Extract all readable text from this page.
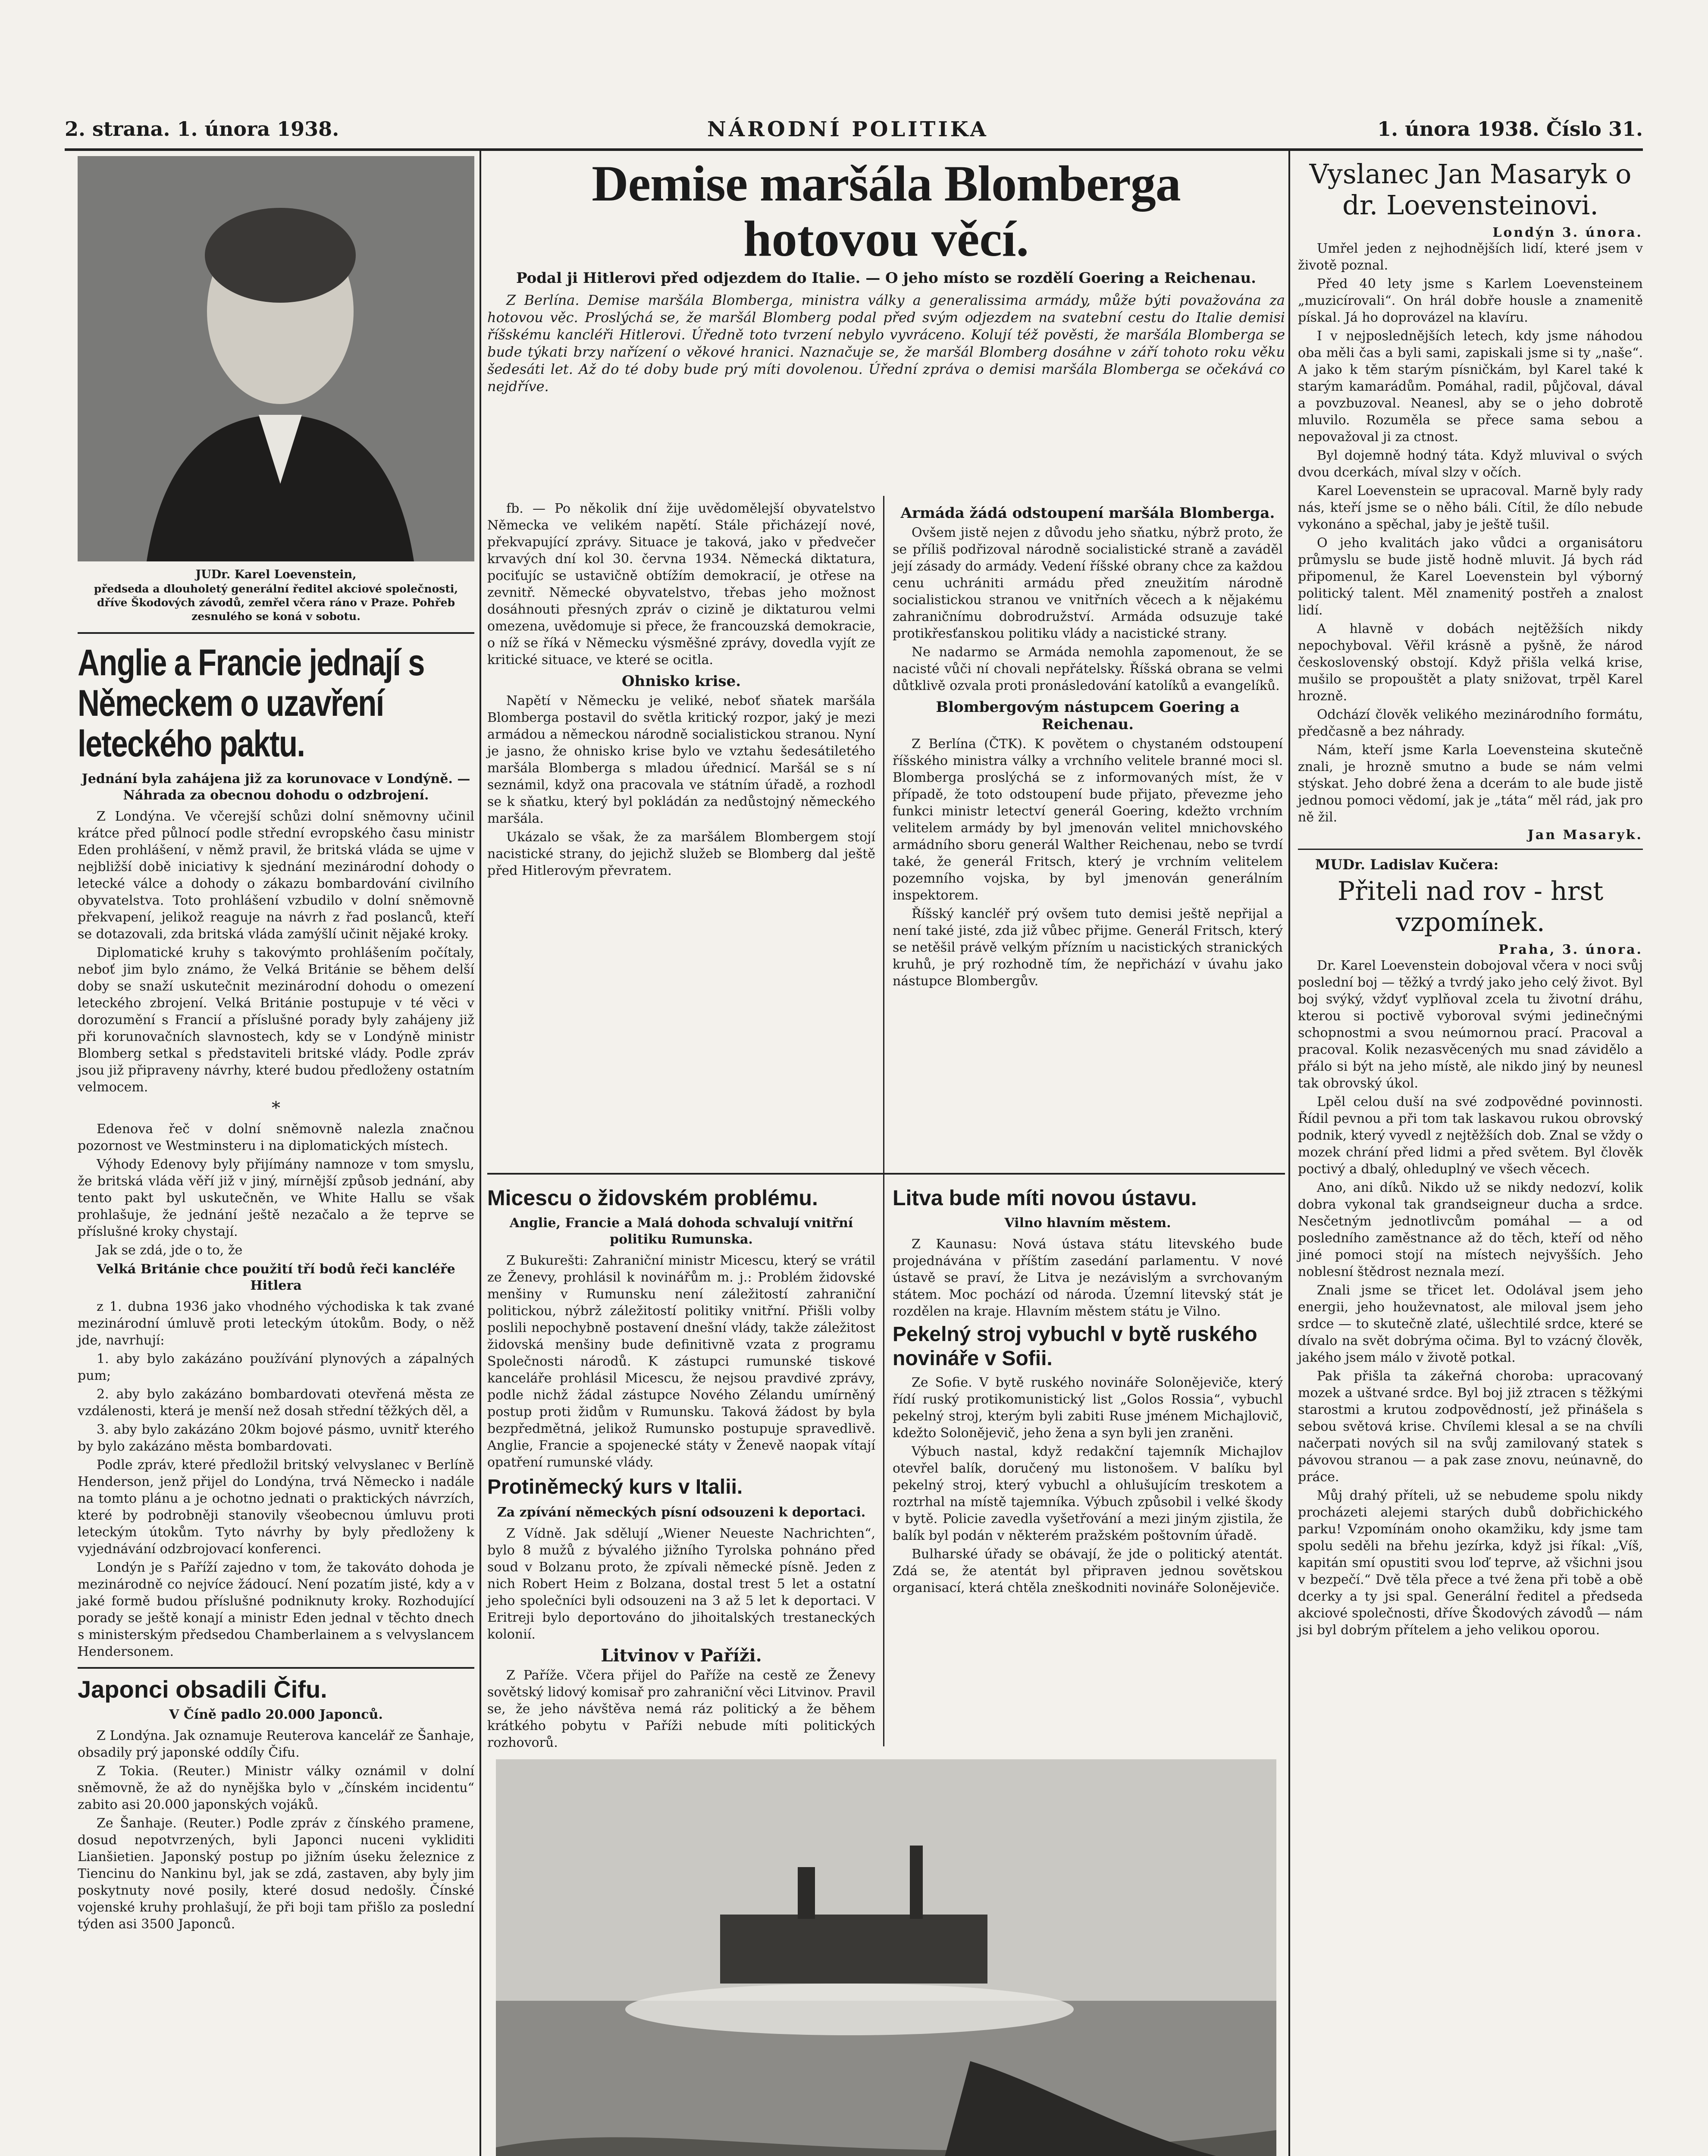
2. strana. 1. února 1938.	NÁRODNÍ POLITIKA	1. února 1938. Číslo 31.
JUDr. Karel Loevenstein,
předseda a dlouholetý generální ředitel akciové společnosti, dříve Škodových závodů, zemřel včera ráno v Praze. Pohřeb zesnulého se koná v sobotu.
Anglie a Francie jednají s Německem o uzavření leteckého paktu.
Jednání byla zahájena již za korunovace v Londýně. — Náhrada za obecnou dohodu o odzbrojení.

Z Londýna. Ve včerejší schůzi dolní sněmovny učinil krátce před půlnocí podle střední evropského času ministr Eden prohlášení, v němž pravil, že britská vláda se ujme v nejbližší době iniciativy k sjednání mezinárodní dohody o letecké válce a dohody o zákazu bombardování civilního obyvatelstva. Toto prohlášení vzbudilo v dolní sněmovně překvapení, jelikož reaguje na návrh z řad poslanců, kteří se dotazovali, zda britská vláda zamýšlí učinit nějaké kroky.

Diplomatické kruhy s takovýmto prohlášením počítaly, neboť jim bylo známo, že Velká Británie se během delší doby se snaží uskutečnit mezinárodní dohodu o omezení leteckého zbrojení. Velká Británie postupuje v té věci v dorozumění s Francií a příslušné porady byly zahájeny již při korunovačních slavnostech, kdy se v Londýně ministr Blomberg setkal s představiteli britské vlády. Podle zpráv jsou již připraveny návrhy, které budou předloženy ostatním velmocem.

*

Edenova řeč v dolní sněmovně nalezla značnou pozornost ve Westminsteru i na diplomatických místech.

Výhody Edenovy byly přijímány namnoze v tom smyslu, že britská vláda věří již v jiný, mírnější způsob jednání, aby tento pakt byl uskutečněn, ve White Hallu se však prohlašuje, že jednání ještě nezačalo a že teprve se příslušné kroky chystají.

Jak se zdá, jde o to, že

Velká Británie chce použití tří bodů řeči kancléře Hitlera

z 1. dubna 1936 jako vhodného východiska k tak zvané mezinárodní úmluvě proti leteckým útokům. Body, o něž jde, navrhují:

1. aby bylo zakázáno používání plynových a zápalných pum;

2. aby bylo zakázáno bombardovati otevřená města ze vzdálenosti, která je menší než dosah střední těžkých děl, a

3. aby bylo zakázáno 20km bojové pásmo, uvnitř kterého by bylo zakázáno města bombardovati.

Podle zpráv, které předložil britský velvyslanec v Berlíně Henderson, jenž přijel do Londýna, trvá Německo i nadále na tomto plánu a je ochotno jednati o praktických návrzích, které by podrobněji stanovily všeobecnou úmluvu proti leteckým útokům. Tyto návrhy by byly předloženy k vyjednávání odzbrojovací konferenci.

Londýn je s Paříží zajedno v tom, že takováto dohoda je mezinárodně co nejvíce žádoucí. Není pozatím jisté, kdy a v jaké formě budou příslušné podniknuty kroky. Rozhodující porady se ještě konají a ministr Eden jednal v těchto dnech s ministerským předsedou Chamberlainem a s velvyslancem Hendersonem.

Japonci obsadili Čifu.
V Číně padlo 20.000 Japonců.

Z Londýna. Jak oznamuje Reuterova kancelář ze Šanhaje, obsadily prý japonské oddíly Čifu.

Z Tokia. (Reuter.) Ministr války oznámil v dolní sněmovně, že až do nynějška bylo v „čínském incidentu“ zabito asi 20.000 japonských vojáků.

Ze Šanhaje. (Reuter.) Podle zpráv z čínského pramene, dosud nepotvrzených, byli Japonci nuceni vykliditi Lianšietien. Japonský postup po jižním úseku železnice z Tiencinu do Nankinu byl, jak se zdá, zastaven, aby byly jim poskytnuty nové posily, které dosud nedošly. Čínské vojenské kruhy prohlašují, že při boji tam přišlo za poslední týden asi 3500 Japonců.

Demise maršála Blomberga
hotovou věcí.
Podal ji Hitlerovi před odjezdem do Italie. — O jeho místo se rozdělí Goering a Reichenau.

Z Berlína. Demise maršála Blomberga, ministra války a generalissima armády, může býti považována za hotovou věc. Proslýchá se, že maršál Blomberg podal před svým odjezdem na svatební cestu do Italie demisi říšskému kancléři Hitlerovi. Úředně toto tvrzení nebylo vyvráceno. Kolují též pověsti, že maršála Blomberga se bude týkati brzy nařízení o věkové hranici. Naznačuje se, že maršál Blomberg dosáhne v září tohoto roku věku šedesáti let. Až do té doby bude prý míti dovolenou. Úřední zpráva o demisi maršála Blomberga se očekává co nejdříve.

fb. — Po několik dní žije uvědomělejší obyvatelstvo Německa ve velikém napětí. Stále přicházejí nové, překvapující zprávy. Situace je taková, jako v předvečer krvavých dní kol 30. června 1934. Německá diktatura, pociťujíc se ustavičně obtížím demokracií, je otřese na zevnitř. Německé obyvatelstvo, třebas jeho možnost dosáhnouti přesných zpráv o cizině je diktaturou velmi omezena, uvědomuje si přece, že francouzská demokracie, o níž se říká v Německu výsměšné zprávy, dovedla vyjít ze kritické situace, ve které se ocitla.

Ohnisko krise.

Napětí v Německu je veliké, neboť sňatek maršála Blomberga postavil do světla kritický rozpor, jaký je mezi armádou a německou národně socialistickou stranou. Nyní je jasno, že ohnisko krise bylo ve vztahu šedesátiletého maršála Blomberga s mladou úřednicí. Maršál se s ní seznámil, když ona pracovala ve státním úřadě, a rozhodl se k sňatku, který byl pokládán za nedůstojný německého maršála.

Ukázalo se však, že za maršálem Blombergem stojí nacistické strany, do jejichž služeb se Blomberg dal ještě před Hitlerovým převratem.

Armáda žádá odstoupení maršála Blomberga.

Ovšem jistě nejen z důvodu jeho sňatku, nýbrž proto, že se příliš podřizoval národně socialistické straně a zaváděl její zásady do armády. Vedení říšské obrany chce za každou cenu uchrániti armádu před zneužitím národně socialistickou stranou ve vnitřních věcech a k nějakému zahraničnímu dobrodružství. Armáda odsuzuje také protikřesťanskou politiku vlády a nacistické strany.

Ne nadarmo se Armáda nemohla zapomenout, že se nacisté vůči ní chovali nepřátelsky. Říšská obrana se velmi důtklivě ozvala proti pronásledování katolíků a evangelíků.

Blombergovým nástupcem Goering a Reichenau.

Z Berlína (ČTK). K povětem o chystaném odstoupení říšského ministra války a vrchního velitele branné moci sl. Blomberga proslýchá se z informovaných míst, že v případě, že toto odstoupení bude přijato, převezme jeho funkci ministr letectví generál Goering, kdežto vrchním velitelem armády by byl jmenován velitel mnichovského armádního sboru generál Walther Reichenau, nebo se tvrdí také, že generál Fritsch, který je vrchním velitelem pozemního vojska, by byl jmenován generálním inspektorem.

Říšský kancléř prý ovšem tuto demisi ještě nepřijal a není také jisté, zda již vůbec přijme. Generál Fritsch, který se netěšil právě velkým přízním u nacistických stranických kruhů, je prý rozhodně tím, že nepřichází v úvahu jako nástupce Blombergův.

Micescu o židovském problému.
Anglie, Francie a Malá dohoda schvalují vnitřní politiku Rumunska.

Z Bukurešti: Zahraniční ministr Micescu, který se vrátil ze Ženevy, prohlásil k novinářům m. j.: Problém židovské menšiny v Rumunsku není záležitostí zahraniční politickou, nýbrž záležitostí politiky vnitřní. Přišli volby poslili nepochybně postavení dnešní vlády, takže záležitost židovská menšiny bude definitivně vzata z programu Společnosti národů. K zástupci rumunské tiskové kanceláře prohlásil Micescu, že nejsou pravdivé zprávy, podle nichž žádal zástupce Nového Zélandu umírněný postup proti židům v Rumunsku. Taková žádost by byla bezpředmětná, jelikož Rumunsko postupuje spravedlivě. Anglie, Francie a spojenecké státy v Ženevě naopak vítají opatření rumunské vlády.

Protiněmecký kurs v Italii.
Za zpívání německých písní odsouzeni k deportaci.

Z Vídně. Jak sdělují „Wiener Neueste Nachrichten“, bylo 8 mužů z bývalého jižního Tyrolska pohnáno před soud v Bolzanu proto, že zpívali německé písně. Jeden z nich Robert Heim z Bolzana, dostal trest 5 let a ostatní jeho společníci byli odsouzeni na 3 až 5 let k deportaci. V Eritreji bylo deportováno do jihoitalských trestaneckých kolonií.

Litvinov v Paříži.

Z Paříže. Včera přijel do Paříže na cestě ze Ženevy sovětský lidový komisař pro zahraniční věci Litvinov. Pravil se, že jeho návštěva nemá ráz politický a že během krátkého pobytu v Paříži nebude míti politických rozhovorů.

Litva bude míti novou ústavu.
Vilno hlavním městem.

Z Kaunasu: Nová ústava státu litevského bude projednávána v příštím zasedání parlamentu. V nové ústavě se praví, že Litva je nezávislým a svrchovaným státem. Moc pochází od národa. Územní litevský stát je rozdělen na kraje. Hlavním městem státu je Vilno.

Pekelný stroj vybuchl v bytě ruského novináře v Sofii.

Ze Sofie. V bytě ruského novináře Solonějeviče, který řídí ruský protikomunistický list „Golos Rossia“, vybuchl pekelný stroj, kterým byli zabiti Ruse jménem Michajlovič, kdežto Solonějevič, jeho žena a syn byli jen zraněni.

Výbuch nastal, když redakční tajemník Michajlov otevřel balík, doručený mu listonošem. V balíku byl pekelný stroj, který vybuchl a ohlušujícím treskotem a roztrhal na místě tajemníka. Výbuch způsobil i velké škody v bytě. Policie zavedla vyšetřování a mezi jiným zjistila, že balík byl podán v některém pražském poštovním úřadě.

Bulharské úřady se obávají, že jde o politický atentát. Zdá se, že atentát byl připraven jednou sovětskou organisací, která chtěla zneškodniti novináře Solonějeviče.

Vyslanec Jan Masaryk o dr. Loevensteinovi.
Londýn 3. února.

Umřel jeden z nejhodnějších lidí, které jsem v životě poznal.

Před 40 lety jsme s Karlem Loevensteinem „muzicírovali“. On hrál dobře housle a znamenitě pískal. Já ho doprovázel na klavíru.

I v nejposlednějších letech, kdy jsme náhodou oba měli čas a byli sami, zapiskali jsme si ty „naše“. A jako k těm starým písničkám, byl Karel také k starým kamarádům. Pomáhal, radil, půjčoval, dával a povzbuzoval. Neanesl, aby se o jeho dobrotě mluvilo. Rozuměla se přece sama sebou a nepovažoval ji za ctnost.

Byl dojemně hodný táta. Když mluvival o svých dvou dcerkách, míval slzy v očích.

Karel Loevenstein se upracoval. Marně byly rady nás, kteří jsme se o něho báli. Cítil, že dílo nebude vykonáno a spěchal, jaby je ještě tušil.

O jeho kvalitách jako vůdci a organisátoru průmyslu se bude jistě hodně mluvit. Já bych rád připomenul, že Karel Loevenstein byl výborný politický talent. Měl znamenitý postřeh a znalost lidí.

A hlavně v dobách nejtěžších nikdy nepochyboval. Věřil krásně a pyšně, že národ československý obstojí. Když přišla velká krise, mušilo se propouštět a platy snižovat, trpěl Karel hrozně.

Odchází člověk velikého mezinárodního formátu, předčasně a bez náhrady.

Nám, kteří jsme Karla Loevensteina skutečně znali, je hrozně smutno a bude se nám velmi stýskat. Jeho dobré žena a dcerám to ale bude jistě jednou pomoci vědomí, jak je „táta“ měl rád, jak pro ně žil.

Jan Masaryk.
MUDr. Ladislav Kučera:
Přiteli nad rov - hrst vzpomínek.
Praha, 3. února.

Dr. Karel Loevenstein dobojoval včera v noci svůj poslední boj — těžký a tvrdý jako jeho celý život. Byl boj svýký, vždyť vyplňoval zcela tu životní dráhu, kterou si poctivě vyboroval svými jedinečnými schopnostmi a svou neúmornou prací. Pracoval a pracoval. Kolik nezasvěcených mu snad závidělo a přálo si být na jeho místě, ale nikdo jiný by neunesl tak obrovský úkol.

Lpěl celou duší na své zodpovědné povinnosti. Řídil pevnou a při tom tak laskavou rukou obrovský podnik, který vyvedl z nejtěžších dob. Znal se vždy o mozek chrání před lidmi a před světem. Byl člověk poctivý a dbalý, ohleduplný ve všech věcech.

Ano, ani díků. Nikdo už se nikdy nedozví, kolik dobra vykonal tak grandseigneur ducha a srdce. Nesčetným jednotlivcům pomáhal — a od posledního zaměstnance až do těch, kteří od něho jiné pomoci stojí na místech nejvyšších. Jeho noblesní štědrost neznala mezí.

Znali jsme se třicet let. Odolával jsem jeho energii, jeho houževnatost, ale miloval jsem jeho srdce — to skutečně zlaté, ušlechtilé srdce, které se dívalo na svět dobrýma očima. Byl to vzácný člověk, jakého jsem málo v životě potkal.

Pak přišla ta zákeřná choroba: upracovaný mozek a uštvané srdce. Byl boj již ztracen s těžkými starostmi a krutou zodpovědností, jež přinášela s sebou světová krise. Chvílemi klesal a se na chvíli načerpati nových sil na svůj zamilovaný statek s pávovou stranou — a pak zase znovu, neúnavně, do práce.

Můj drahý příteli, už se nebudeme spolu nikdy procházeti alejemi starých dubů dobřichického parku! Vzpomínám onoho okamžiku, kdy jsme tam spolu seděli na břehu jezírka, když jsi říkal: „Víš, kapitán smí opustiti svou loď teprve, až všichni jsou v bezpečí.“ Dvě těla přece a tvé žena při tobě a obě dcerky a ty jsi spal. Generální ředitel a předseda akciové společnosti, dříve Škodových závodů — nám jsi byl dobrým přítelem a jeho velikou oporou.
